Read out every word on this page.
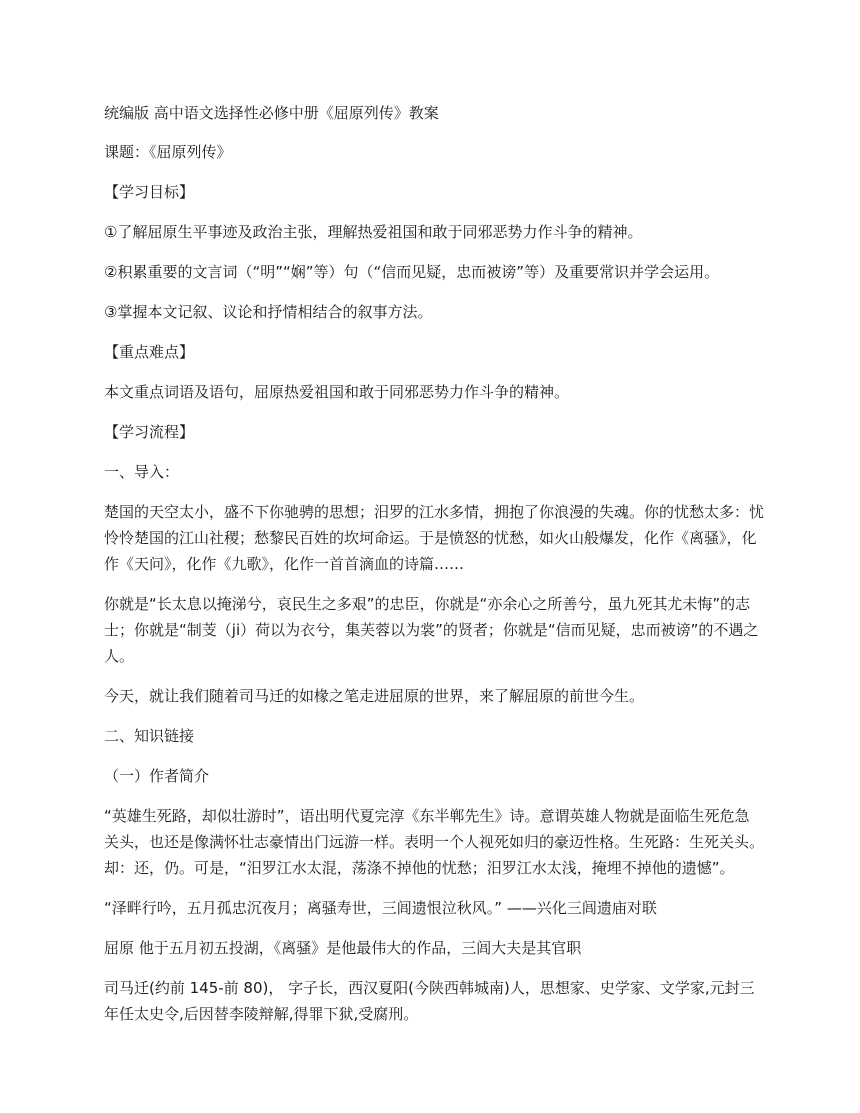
统编版 高中语文选择性必修中册《屈原列传》教案

课题：《屈原列传》

【学习目标】

①了解屈原生平事迹及政治主张，理解热爱祖国和敢于同邪恶势力作斗争的精神。

②积累重要的文言词（“明”“娴”等）句（“信而见疑，忠而被谤”等）及重要常识并学会运用。

③掌握本文记叙、议论和抒情相结合的叙事方法。

【重点难点】

本文重点词语及语句，屈原热爱祖国和敢于同邪恶势力作斗争的精神。

【学习流程】

一、导入：

楚国的天空太小，盛不下你驰骋的思想；汨罗的江水多情，拥抱了你浪漫的失魂。你的忧愁太多：忧怜怜楚国的江山社稷；愁黎民百姓的坎坷命运。于是愤怒的忧愁，如火山般爆发，化作《离骚》，化作《天问》，化作《九歌》，化作一首首滴血的诗篇……

你就是“长太息以掩涕兮，哀民生之多艰”的忠臣，你就是“亦余心之所善兮，虽九死其尤未悔”的志士；你就是“制芰（ji）荷以为衣兮，集芙蓉以为裳”的贤者；你就是“信而见疑，忠而被谤”的不遇之人。

今天，就让我们随着司马迁的如椽之笔走进屈原的世界，来了解屈原的前世今生。

二、知识链接

（一）作者简介

“英雄生死路，却似壮游时”，语出明代夏完淳《东半郸先生》诗。意谓英雄人物就是面临生死危急关头，也还是像满怀壮志豪情出门远游一样。表明一个人视死如归的豪迈性格。生死路：生死关头。却：还，仍。可是，“汨罗江水太混，荡涤不掉他的忧愁；汨罗江水太浅，掩埋不掉他的遗憾”。

“泽畔行吟，五月孤忠沉夜月；离骚寿世，三闾遗恨泣秋风。” ——兴化三闾遗庙对联

屈原 他于五月初五投湖，《离骚》是他最伟大的作品，三闾大夫是其官职

司马迁(约前 145-前 80)， 字子长，西汉夏阳(今陕西韩城南)人，思想家、史学家、文学家,元封三年任太史令,后因替李陵辩解,得罪下狱,受腐刑。
